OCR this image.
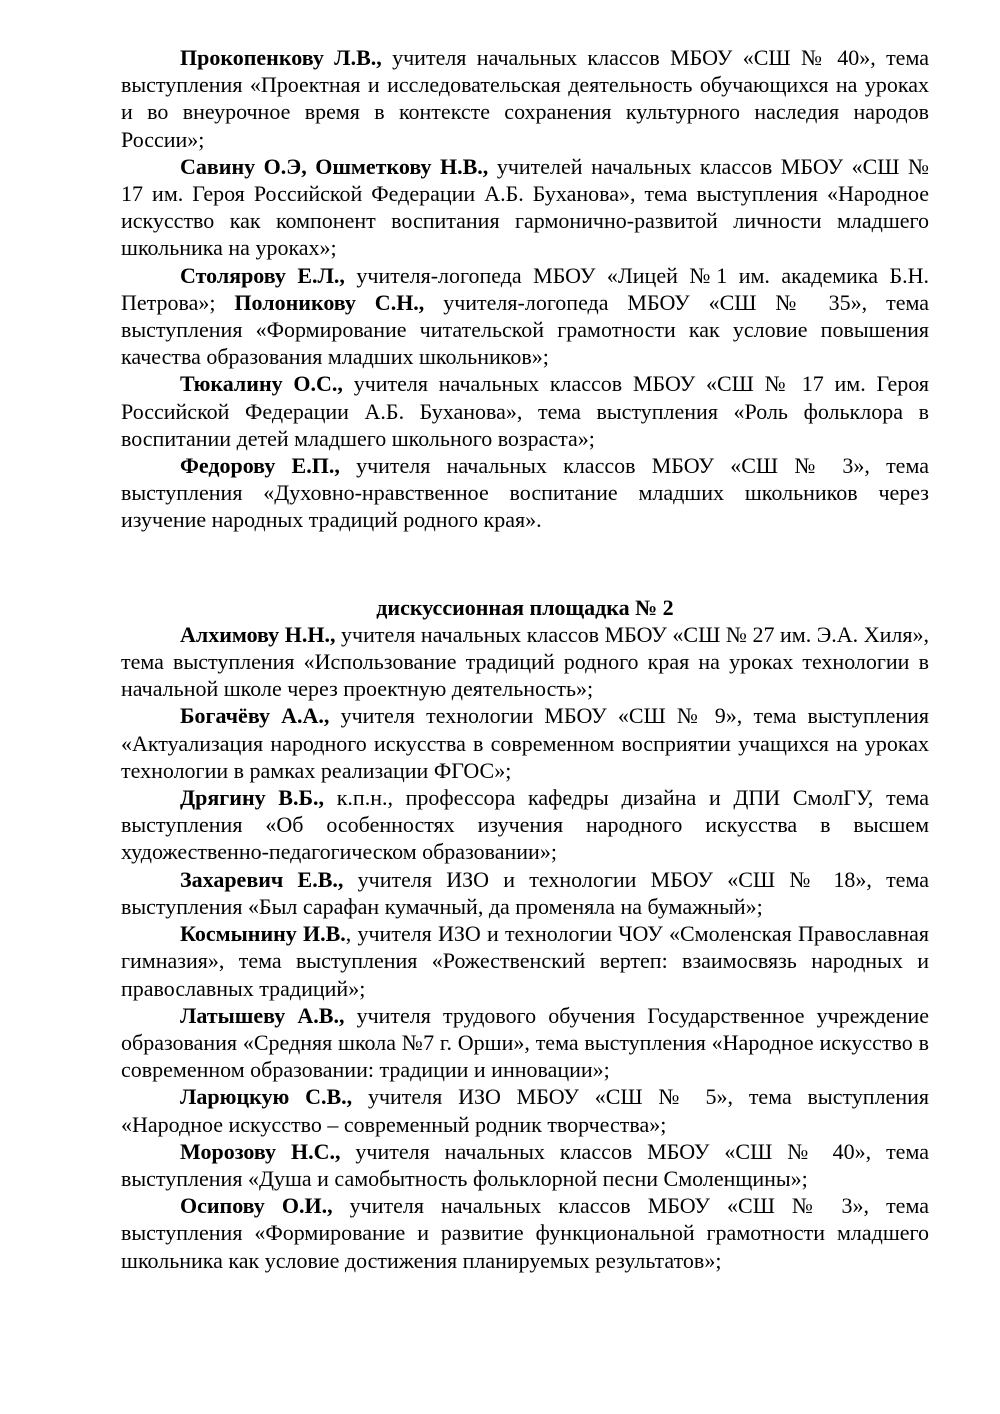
Прокопенкову Л.В., учителя начальных классов МБОУ «СШ № 40», тема выступления «Проектная и исследовательская деятельность обучающихся на уроках и во внеурочное время в контексте сохранения культурного наследия народов России»;

Савину О.Э, Ошметкову Н.В., учителей начальных классов МБОУ «СШ № 17 им. Героя Российской Федерации А.Б. Буханова», тема выступления «Народное искусство как компонент воспитания гармонично-развитой личности младшего школьника на уроках»;

Столярову Е.Л., учителя-логопеда МБОУ «Лицей №1 им. академика Б.Н. Петрова»; Полоникову С.Н., учителя-логопеда МБОУ «СШ № 35», тема выступления «Формирование читательской грамотности как условие повышения качества образования младших школьников»;

Тюкалину О.С., учителя начальных классов МБОУ «СШ № 17 им. Героя Российской Федерации А.Б. Буханова», тема выступления «Роль фольклора в воспитании детей младшего школьного возраста»;

Федорову Е.П., учителя начальных классов МБОУ «СШ № 3», тема выступления «Духовно-нравственное воспитание младших школьников через изучение народных традиций родного края».

дискуссионная площадка № 2

Алхимову Н.Н., учителя начальных классов МБОУ «СШ № 27 им. Э.А. Хиля», тема выступления «Использование традиций родного края на уроках технологии в начальной школе через проектную деятельность»;

Богачёву А.А., учителя технологии МБОУ «СШ № 9», тема выступления «Актуализация народного искусства в современном восприятии учащихся на уроках технологии в рамках реализации ФГОС»;

Дрягину В.Б., к.п.н., профессора кафедры дизайна и ДПИ СмолГУ, тема выступления «Об особенностях изучения народного искусства в высшем художественно-педагогическом образовании»;

Захаревич Е.В., учителя ИЗО и технологии МБОУ «СШ № 18», тема выступления «Был сарафан кумачный, да променяла на бумажный»;

Космынину И.В., учителя ИЗО и технологии ЧОУ «Смоленская Православная гимназия», тема выступления «Рожественский вертеп: взаимосвязь народных и православных традиций»;

Латышеву А.В., учителя трудового обучения Государственное учреждение образования «Средняя школа №7 г. Орши», тема выступления «Народное искусство в современном образовании: традиции и инновации»;

Ларюцкую С.В., учителя ИЗО МБОУ «СШ № 5», тема выступления «Народное искусство – современный родник творчества»;

Морозову Н.С., учителя начальных классов МБОУ «СШ № 40», тема выступления «Душа и самобытность фольклорной песни Смоленщины»;

Осипову О.И., учителя начальных классов МБОУ «СШ № 3», тема выступления «Формирование и развитие функциональной грамотности младшего школьника как условие достижения планируемых результатов»;
